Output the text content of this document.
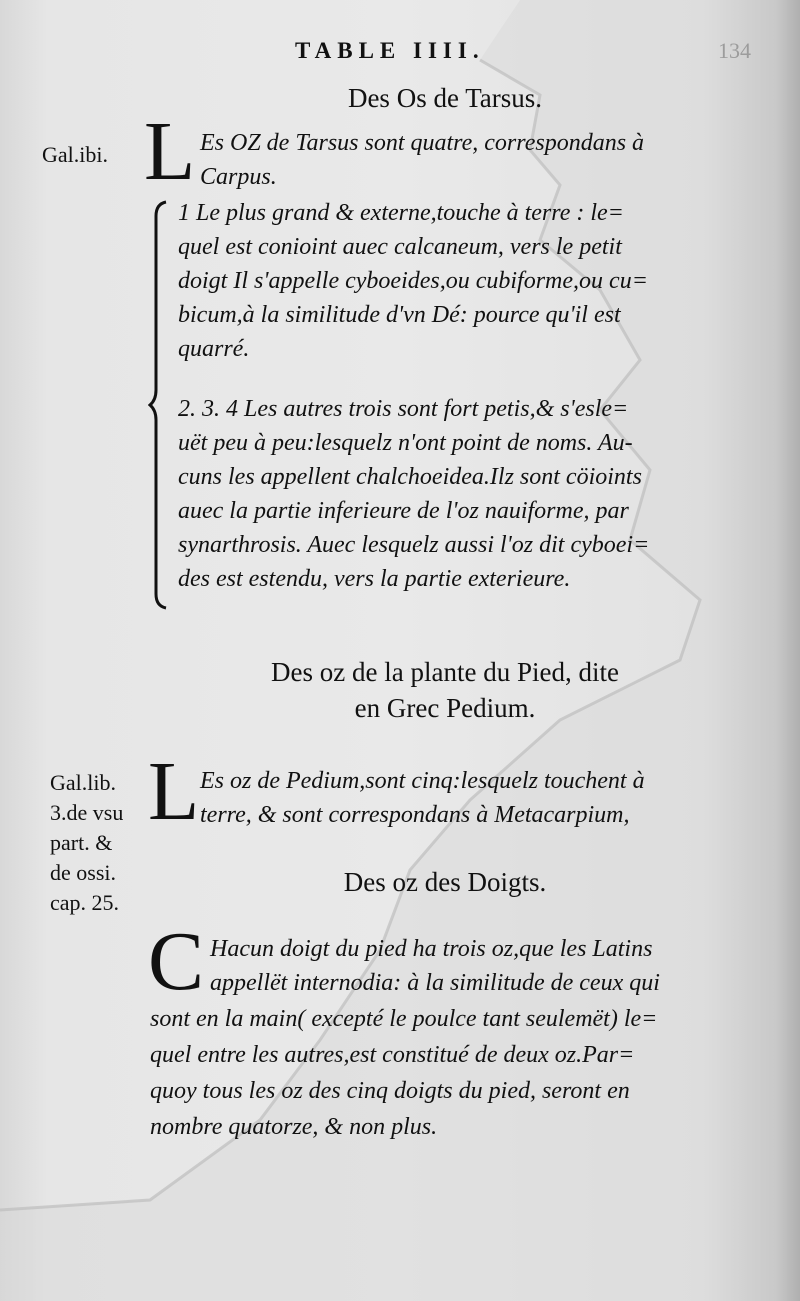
TABLE IIII.	134
Des Os de Tarsus.
Gal.ibi. L Es OZ de Tarsus sont quatre, correspondans à
Carpus.
1 Le plus grand & externe,touche à terre : le=
quel est conioint auec calcaneum, vers le petit
doigt Il s'appelle cyboeides,ou cubiforme,ou cu=
bicum,à la similitude d'vn Dé: pource qu'il est
quarré.
2. 3. 4 Les autres trois sont fort petis,& s'esle=
uët peu à peu:lesquelz n'ont point de noms. Au-
cuns les appellent chalchoeidea.Ilz sont cöioints
auec la partie inferieure de l'oz nauiforme, par
synarthrosis. Auec lesquelz aussi l'oz dit cyboei=
des est estendu, vers la partie exterieure.
Des oz de la plante du Pied, dite
en Grec Pedium.
Gal.lib.
3.de vsu
part. &
de ossi.
cap. 25.
L Es oz de Pedium,sont cinq:lesquelz touchent à
terre, & sont correspondans à Metacarpium,
Des oz des Doigts.
C Hacun doigt du pied ha trois oz,que les Latins
appellët internodia: à la similitude de ceux qui
sont en la main( excepté le poulce tant seulemët) le=
quel entre les autres,est constitué de deux oz.Par=
quoy tous les oz des cinq doigts du pied, seront en
nombre quatorze, & non plus.
